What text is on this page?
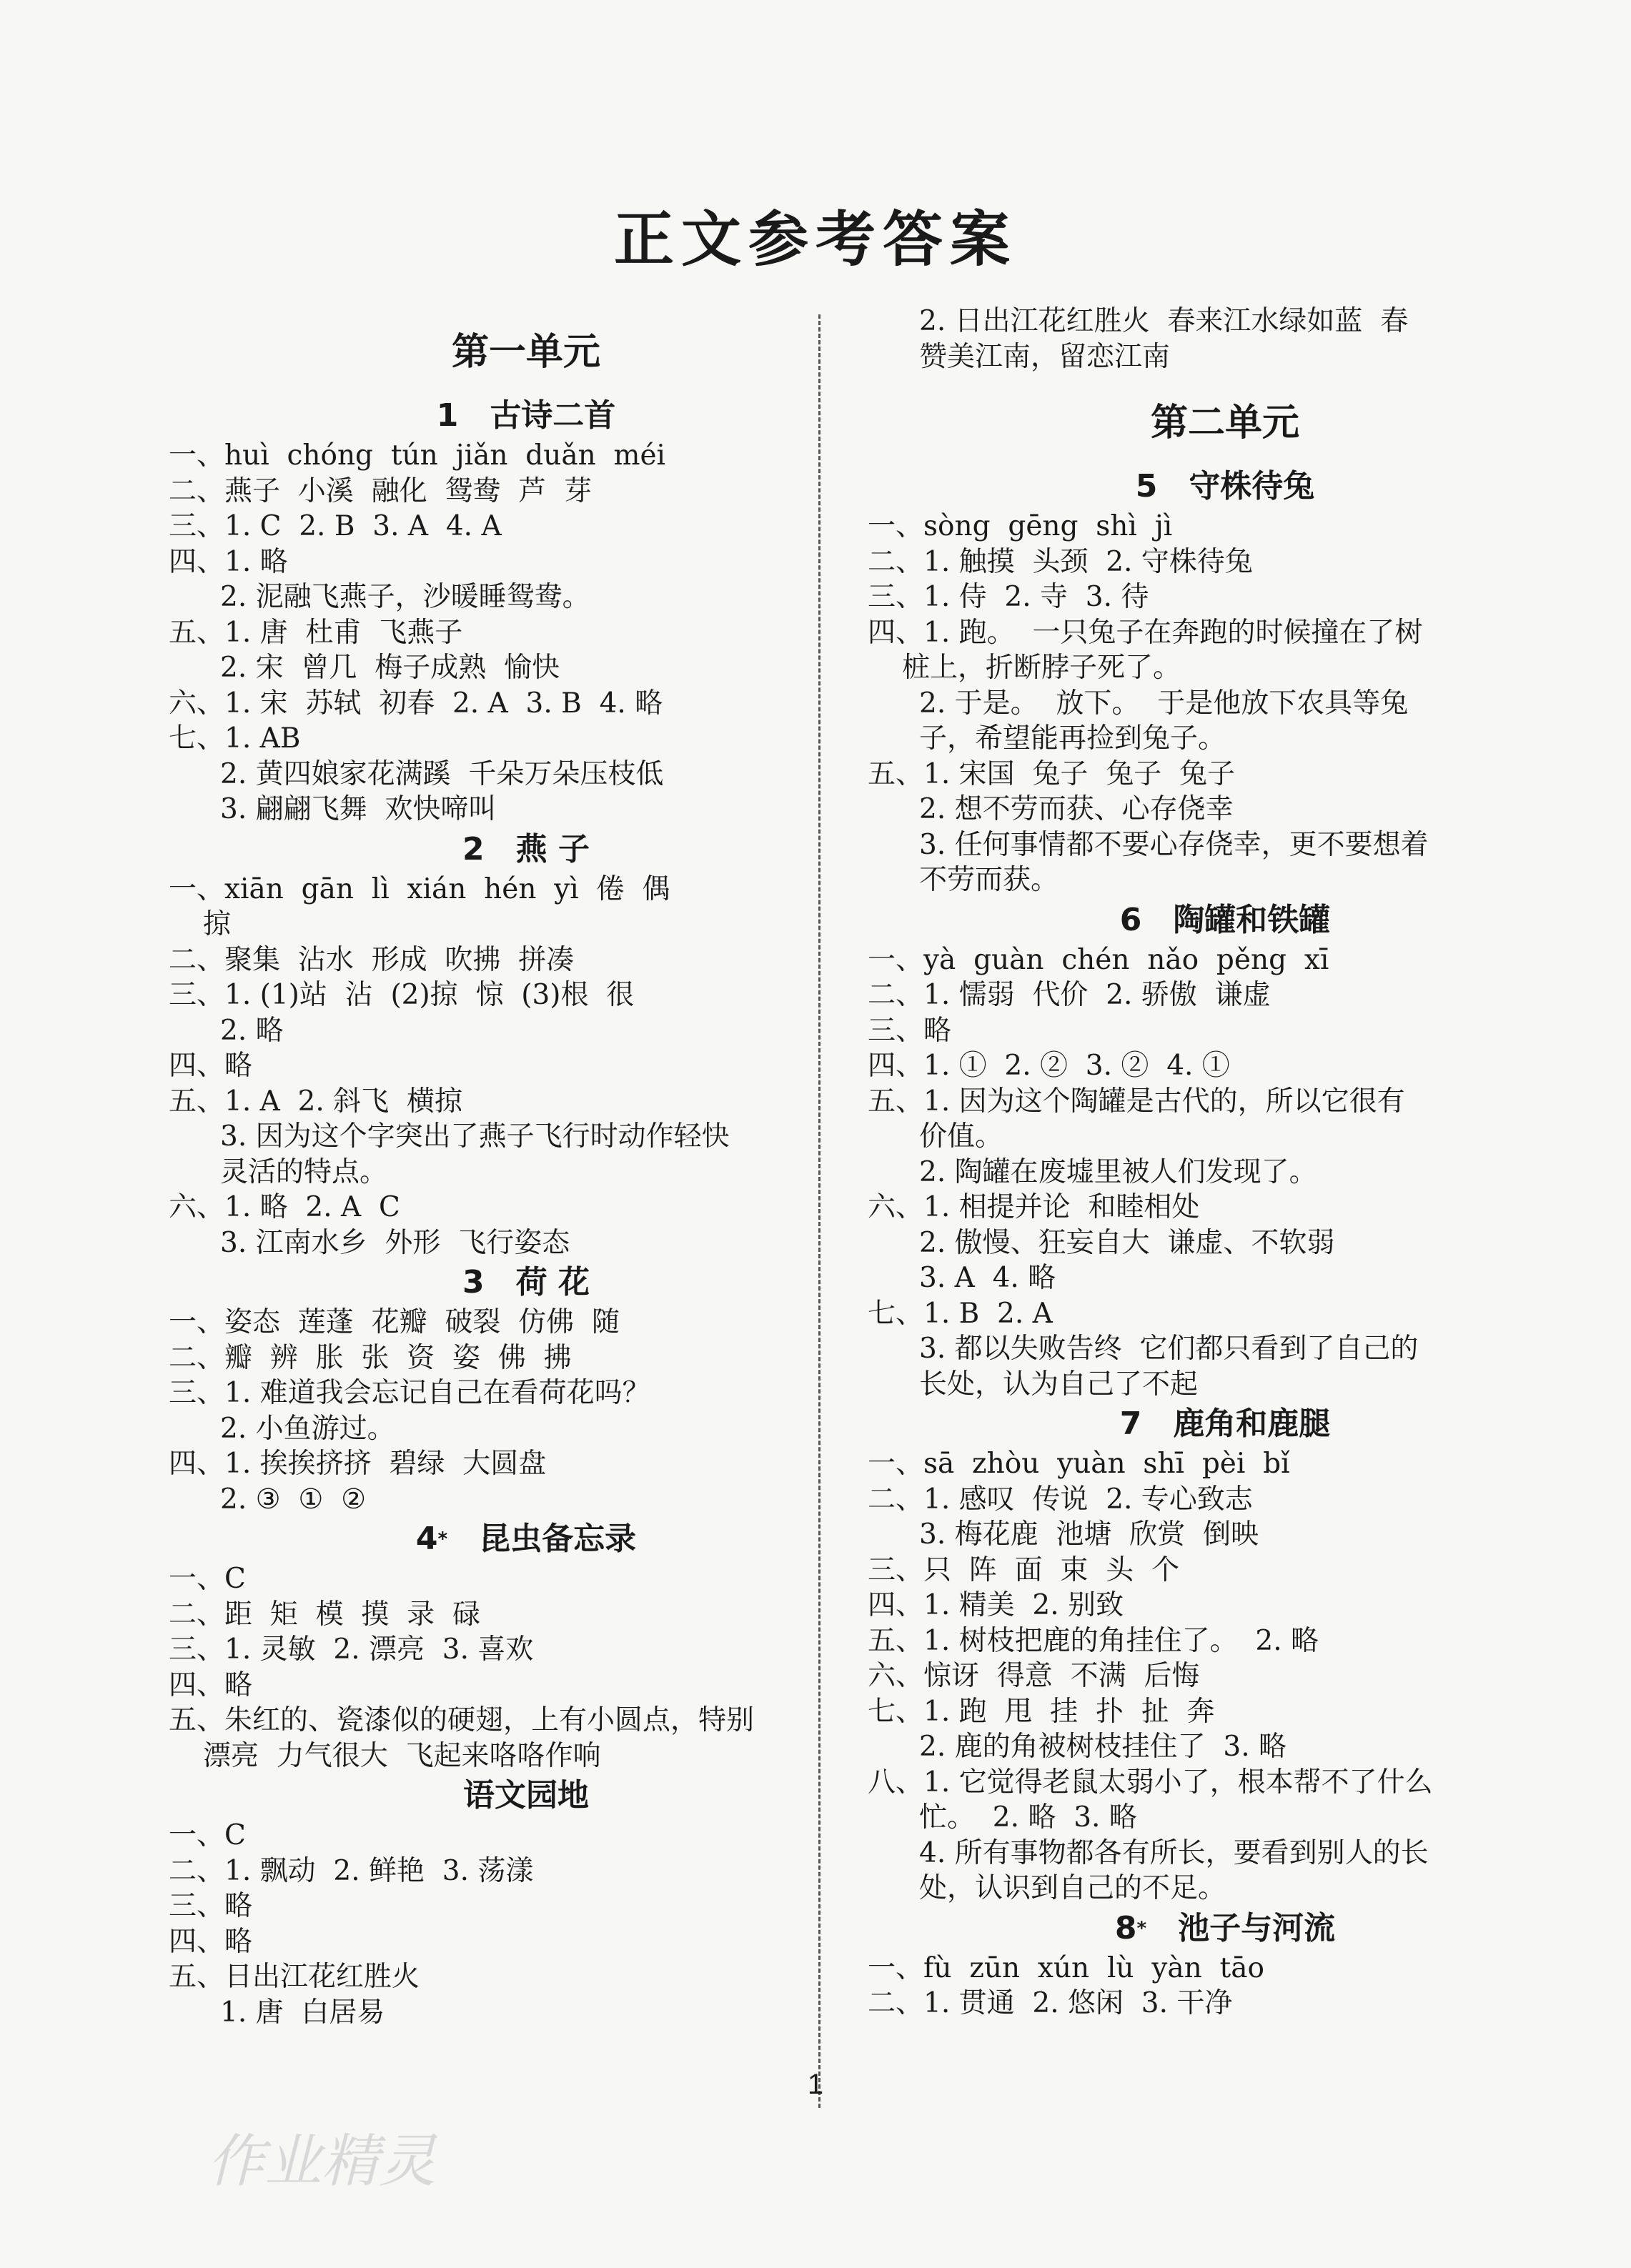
正文参考答案
第一单元
1  古诗二首
一、huì  chóng  tún  jiǎn  duǎn  méi
二、燕子  小溪  融化  鸳鸯  芦  芽
三、1. C  2. B  3. A  4. A
四、1. 略
2. 泥融飞燕子，沙暖睡鸳鸯。
五、1. 唐  杜甫  飞燕子
2. 宋  曾几  梅子成熟  愉快
六、1. 宋  苏轼  初春  2. A  3. B  4. 略
七、1. AB
2. 黄四娘家花满蹊  千朵万朵压枝低
3. 翩翩飞舞  欢快啼叫
2  燕 子
一、xiān  gān  lì  xián  hén  yì  倦  偶
掠
二、聚集  沾水  形成  吹拂  拼凑
三、1. (1)站  沾  (2)掠  惊  (3)根  很
2. 略
四、略
五、1. A  2. 斜飞  横掠
3. 因为这个字突出了燕子飞行时动作轻快
灵活的特点。
六、1. 略  2. A  C
3. 江南水乡  外形  飞行姿态
3  荷 花
一、姿态  莲蓬  花瓣  破裂  仿佛  随
二、瓣  辨  胀  张  资  姿  佛  拂
三、1. 难道我会忘记自己在看荷花吗？
2. 小鱼游过。
四、1. 挨挨挤挤  碧绿  大圆盘
2. ③  ①  ②
4*  昆虫备忘录
一、C
二、距  矩  模  摸  录  碌
三、1. 灵敏  2. 漂亮  3. 喜欢
四、略
五、朱红的、瓷漆似的硬翅，上有小圆点，特别
漂亮  力气很大  飞起来咯咯作响
语文园地
一、C
二、1. 飘动  2. 鲜艳  3. 荡漾
三、略
四、略
五、日出江花红胜火
1. 唐  白居易
2. 日出江花红胜火  春来江水绿如蓝  春
赞美江南，留恋江南
第二单元
5  守株待兔
一、sòng  gēng  shì  jì
二、1. 触摸  头颈  2. 守株待兔
三、1. 侍  2. 寺  3. 待
四、1. 跑。  一只兔子在奔跑的时候撞在了树
桩上，折断脖子死了。
2. 于是。  放下。  于是他放下农具等兔
子，希望能再捡到兔子。
五、1. 宋国  兔子  兔子  兔子
2. 想不劳而获、心存侥幸
3. 任何事情都不要心存侥幸，更不要想着
不劳而获。
6  陶罐和铁罐
一、yà  guàn  chén  nǎo  pěng  xī
二、1. 懦弱  代价  2. 骄傲  谦虚
三、略
四、1. ①  2. ②  3. ②  4. ①
五、1. 因为这个陶罐是古代的，所以它很有
价值。
2. 陶罐在废墟里被人们发现了。
六、1. 相提并论  和睦相处
2. 傲慢、狂妄自大  谦虚、不软弱
3. A  4. 略
七、1. B  2. A
3. 都以失败告终  它们都只看到了自己的
长处，认为自己了不起
7  鹿角和鹿腿
一、sā  zhòu  yuàn  shī  pèi  bǐ
二、1. 感叹  传说  2. 专心致志
3. 梅花鹿  池塘  欣赏  倒映
三、只  阵  面  束  头  个
四、1. 精美  2. 别致
五、1. 树枝把鹿的角挂住了。  2. 略
六、惊讶  得意  不满  后悔
七、1. 跑  甩  挂  扑  扯  奔
2. 鹿的角被树枝挂住了  3. 略
八、1. 它觉得老鼠太弱小了，根本帮不了什么
忙。  2. 略  3. 略
4. 所有事物都各有所长，要看到别人的长
处，认识到自己的不足。
8*  池子与河流
一、fù  zūn  xún  lù  yàn  tāo
二、1. 贯通  2. 悠闲  3. 干净
1
作业精灵
